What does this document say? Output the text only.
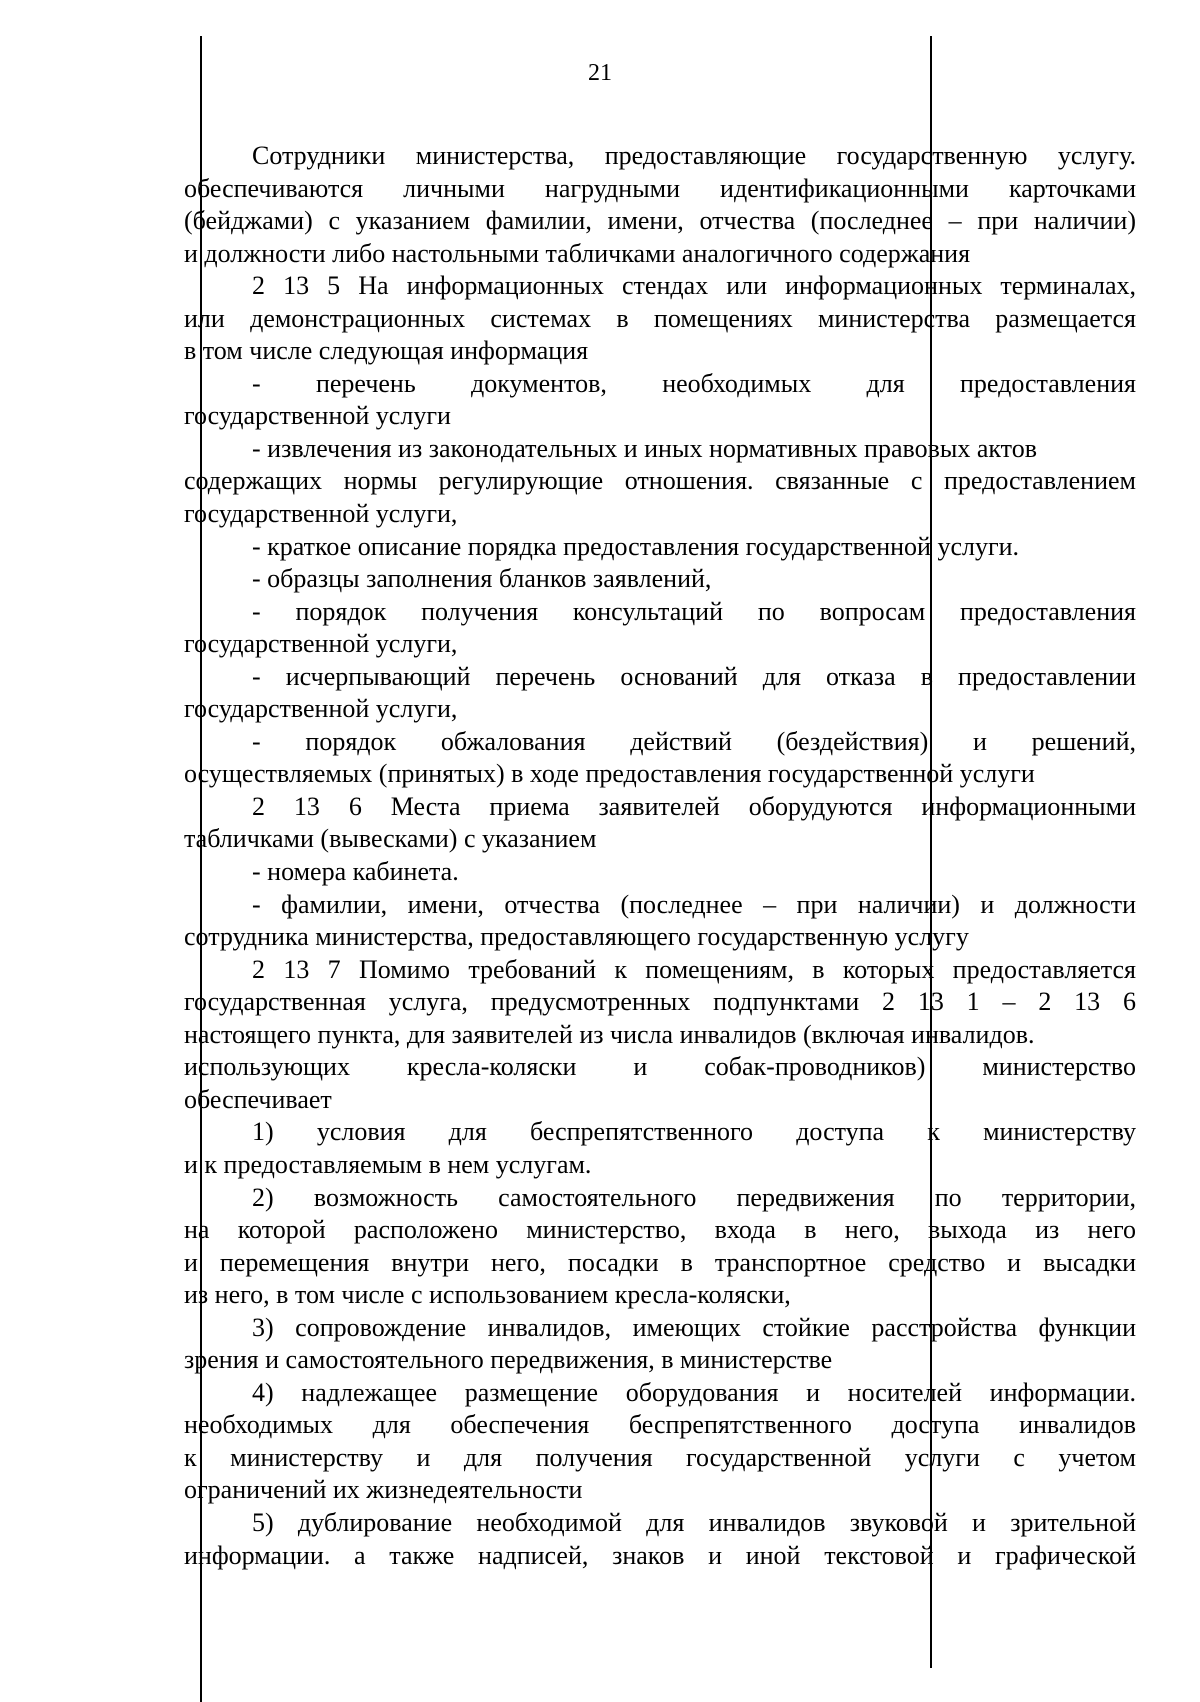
21
Сотрудники министерства, предоставляющие государственную услугу.
обеспечиваются личными нагрудными идентификационными карточками
(бейджами) с указанием фамилии, имени, отчества (последнее – при наличии)
и должности либо настольными табличками аналогичного содержания
2 13 5 На информационных стендах или информационных терминалах,
или демонстрационных системах в помещениях министерства размещается
в том числе следующая информация
- перечень документов, необходимых для предоставления
государственной услуги
- извлечения из законодательных и иных нормативных правовых актов
содержащих нормы регулирующие отношения. связанные с предоставлением
государственной услуги,
- краткое описание порядка предоставления государственной услуги.
- образцы заполнения бланков заявлений,
- порядок получения консультаций по вопросам предоставления
государственной услуги,
- исчерпывающий перечень оснований для отказа в предоставлении
государственной услуги,
- порядок обжалования действий (бездействия) и решений,
осуществляемых (принятых) в ходе предоставления государственной услуги
2 13 6 Места приема заявителей оборудуются информационными
табличками (вывесками) с указанием
- номера кабинета.
- фамилии, имени, отчества (последнее – при наличии) и должности
сотрудника министерства, предоставляющего государственную услугу
2 13 7 Помимо требований к помещениям, в которых предоставляется
государственная услуга, предусмотренных подпунктами 2 13 1 – 2 13 6
настоящего пункта, для заявителей из числа инвалидов (включая инвалидов.
использующих кресла-коляски и собак-проводников) министерство
обеспечивает
1) условия для беспрепятственного доступа к министерству
и к предоставляемым в нем услугам.
2) возможность самостоятельного передвижения по территории,
на которой расположено министерство, входа в него, выхода из него
и перемещения внутри него, посадки в транспортное средство и высадки
из него, в том числе с использованием кресла-коляски,
3) сопровождение инвалидов, имеющих стойкие расстройства функции
зрения и самостоятельного передвижения, в министерстве
4) надлежащее размещение оборудования и носителей информации.
необходимых для обеспечения беспрепятственного доступа инвалидов
к министерству и для получения государственной услуги с учетом
ограничений их жизнедеятельности
5) дублирование необходимой для инвалидов звуковой и зрительной
информации. а также надписей, знаков и иной текстовой и графической
